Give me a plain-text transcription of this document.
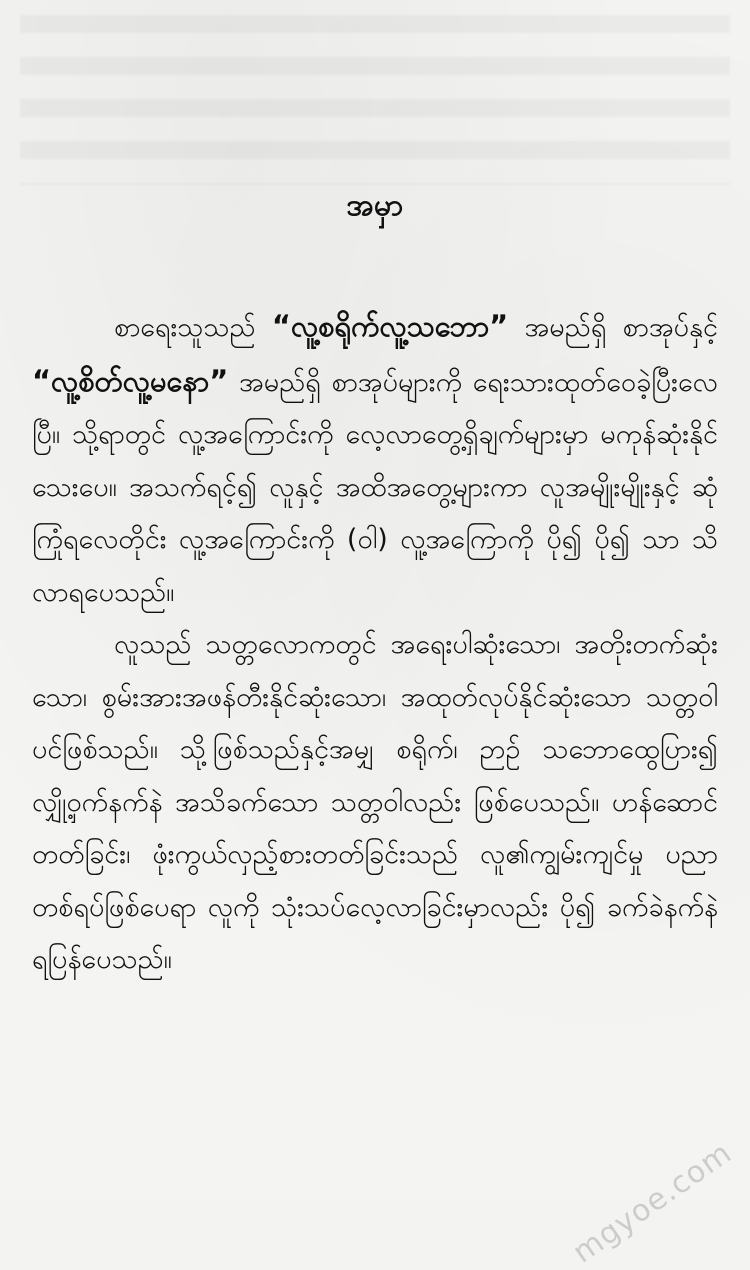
အမှာ

စာရေးသူသည် “လူ့စရိုက်လူ့သဘော” အမည်ရှိ စာအုပ်နှင့် “လူ့စိတ်လူ့မနော” အမည်ရှိ စာအုပ်များကို ရေးသားထုတ်ဝေခဲ့ပြီးလေပြီ။ သို့ရာတွင် လူ့အကြောင်းကို လေ့လာတွေ့ရှိချက်များမှာ မကုန်ဆုံးနိုင်သေးပေ။ အသက်ရင့်၍ လူနှင့် အထိအတွေ့များကာ လူအမျိုးမျိုးနှင့် ဆုံကြုံရလေတိုင်း လူ့အကြောင်းကို (ဝါ) လူ့အကြောကို ပို၍ ပို၍ သာ သိလာရပေသည်။

လူသည် သတ္တလောကတွင် အရေးပါဆုံးသော၊ အတိုးတက်ဆုံးသော၊ စွမ်းအားအဖန်တီးနိုင်ဆုံးသော၊ အထုတ်လုပ်နိုင်ဆုံးသော သတ္တဝါပင်ဖြစ်သည်။ သို့ဖြစ်သည်နှင့်အမျှ စရိုက်၊ ဉာဉ် သဘောထွေပြား၍ လျှို့ဝှက်နက်နဲ အသိခက်သော သတ္တဝါလည်း ဖြစ်ပေသည်။ ဟန်ဆောင်တတ်ခြင်း၊ ဖုံးကွယ်လှည့်စားတတ်ခြင်းသည် လူ၏ကျွမ်းကျင်မှု ပညာတစ်ရပ်ဖြစ်ပေရာ လူကို သုံးသပ်လေ့လာခြင်းမှာလည်း ပို၍ ခက်ခဲနက်နဲရပြန်ပေသည်။

mgyoe.com
